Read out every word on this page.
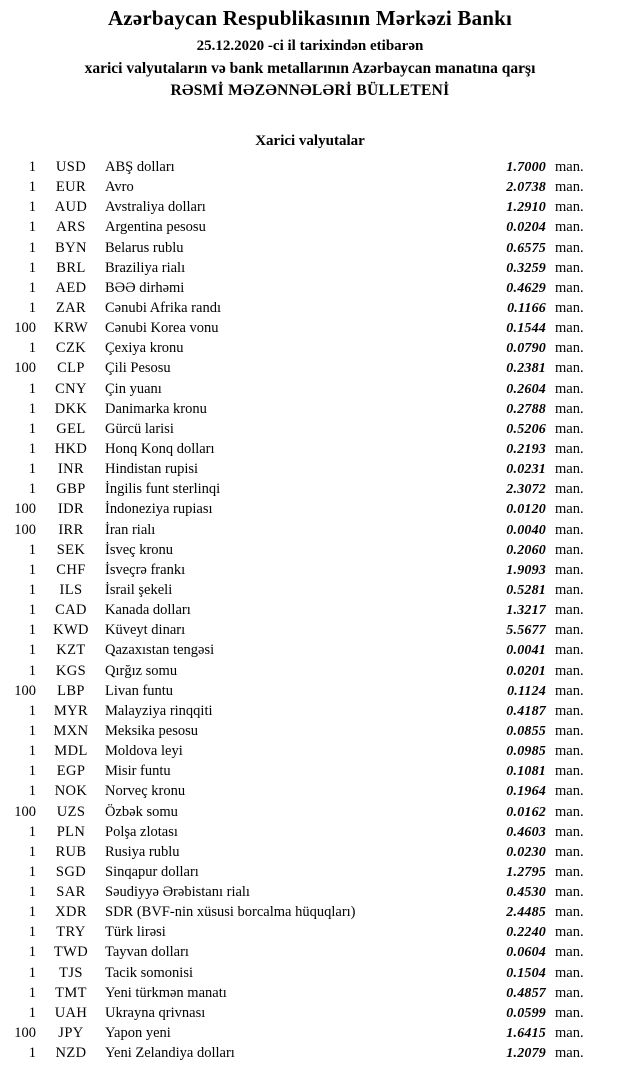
Azərbaycan Respublikasının Mərkəzi Bankı
25.12.2020 -ci il tarixindən etibarən
xarici valyutaların və bank metallarının Azərbaycan manatına qarşı
RƏSMİ MƏZƏNNƏLƏRİ BÜLLETENİ
Xarici valyutalar
1	USD	ABŞ dolları	1.7000 man.
1	EUR	Avro	2.0738 man.
1	AUD	Avstraliya dolları	1.2910 man.
1	ARS	Argentina pesosu	0.0204 man.
1	BYN	Belarus rublu	0.6575 man.
1	BRL	Braziliya rialı	0.3259 man.
1	AED	BƏƏ dirhəmi	0.4629 man.
1	ZAR	Cənubi Afrika randı	0.1166 man.
100	KRW	Cənubi Korea vonu	0.1544 man.
1	CZK	Çexiya kronu	0.0790 man.
100	CLP	Çili Pesosu	0.2381 man.
1	CNY	Çin yuanı	0.2604 man.
1	DKK	Danimarka kronu	0.2788 man.
1	GEL	Gürcü larisi	0.5206 man.
1	HKD	Honq Konq dolları	0.2193 man.
1	INR	Hindistan rupisi	0.0231 man.
1	GBP	İngilis funt sterlinqi	2.3072 man.
100	IDR	İndoneziya rupiası	0.0120 man.
100	IRR	İran rialı	0.0040 man.
1	SEK	İsveç kronu	0.2060 man.
1	CHF	İsveçrə frankı	1.9093 man.
1	ILS	İsrail şekeli	0.5281 man.
1	CAD	Kanada dolları	1.3217 man.
1	KWD	Küveyt dinarı	5.5677 man.
1	KZT	Qazaxıstan tengəsi	0.0041 man.
1	KGS	Qırğız somu	0.0201 man.
100	LBP	Livan funtu	0.1124 man.
1	MYR	Malayziya rinqqiti	0.4187 man.
1	MXN	Meksika pesosu	0.0855 man.
1	MDL	Moldova leyi	0.0985 man.
1	EGP	Misir funtu	0.1081 man.
1	NOK	Norveç kronu	0.1964 man.
100	UZS	Özbək somu	0.0162 man.
1	PLN	Polşa zlotası	0.4603 man.
1	RUB	Rusiya rublu	0.0230 man.
1	SGD	Sinqapur dolları	1.2795 man.
1	SAR	Səudiyyə Ərəbistanı rialı	0.4530 man.
1	XDR	SDR (BVF-nin xüsusi borcalma hüquqları)	2.4485 man.
1	TRY	Türk lirəsi	0.2240 man.
1	TWD	Tayvan dolları	0.0604 man.
1	TJS	Tacik somonisi	0.1504 man.
1	TMT	Yeni türkmən manatı	0.4857 man.
1	UAH	Ukrayna qrivnası	0.0599 man.
100	JPY	Yapon yeni	1.6415 man.
1	NZD	Yeni Zelandiya dolları	1.2079 man.
